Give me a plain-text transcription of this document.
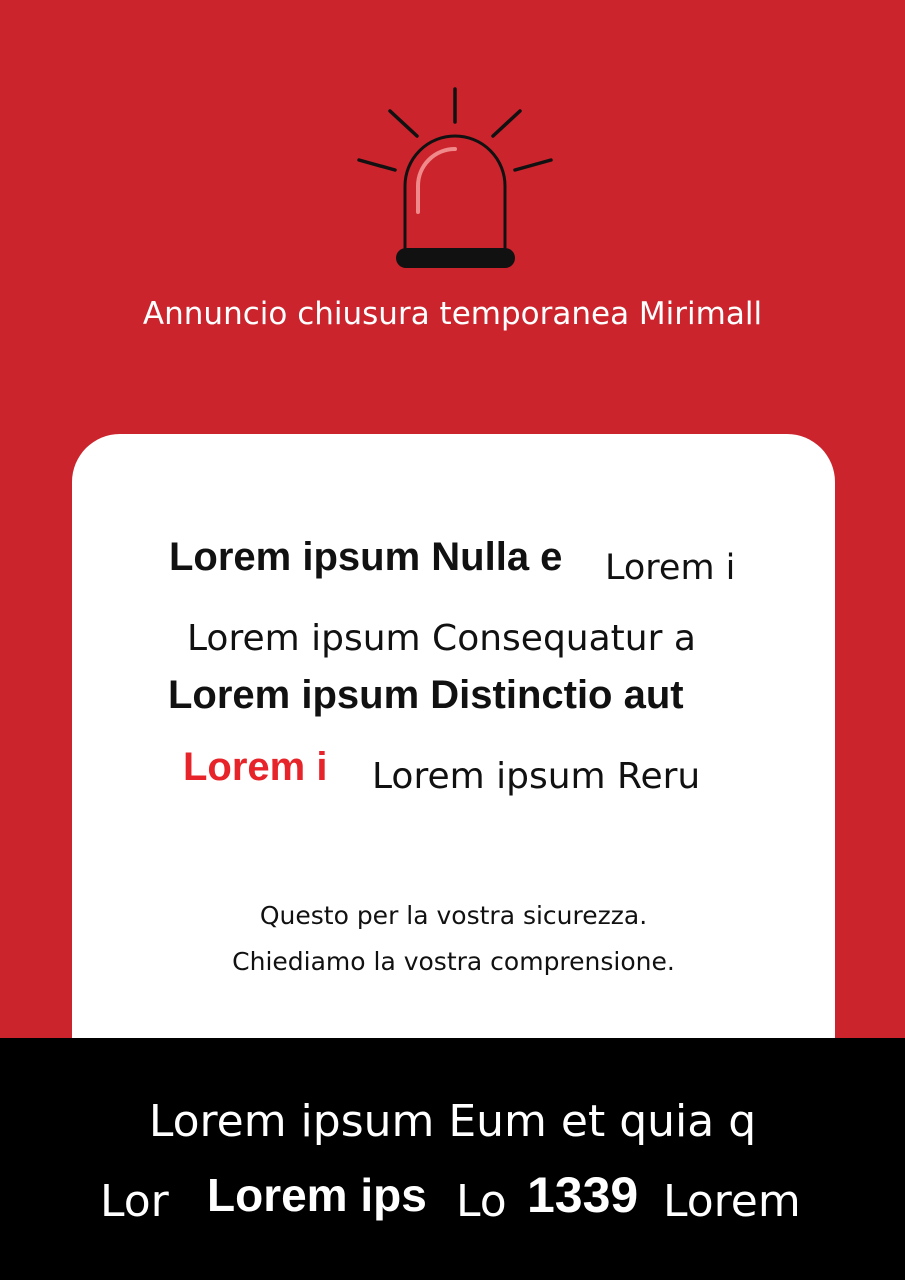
Annuncio chiusura temporanea Mirimall
Lorem ipsum Nulla e Lorem i
Lorem ipsum Consequatur a
Lorem ipsum Distinctio aut
Lorem i Lorem ipsum Reru
Questo per la vostra sicurezza.
Chiediamo la vostra comprensione.
Lorem ipsum Eum et quia q
Lor Lorem ips Lo 1339 Lorem
